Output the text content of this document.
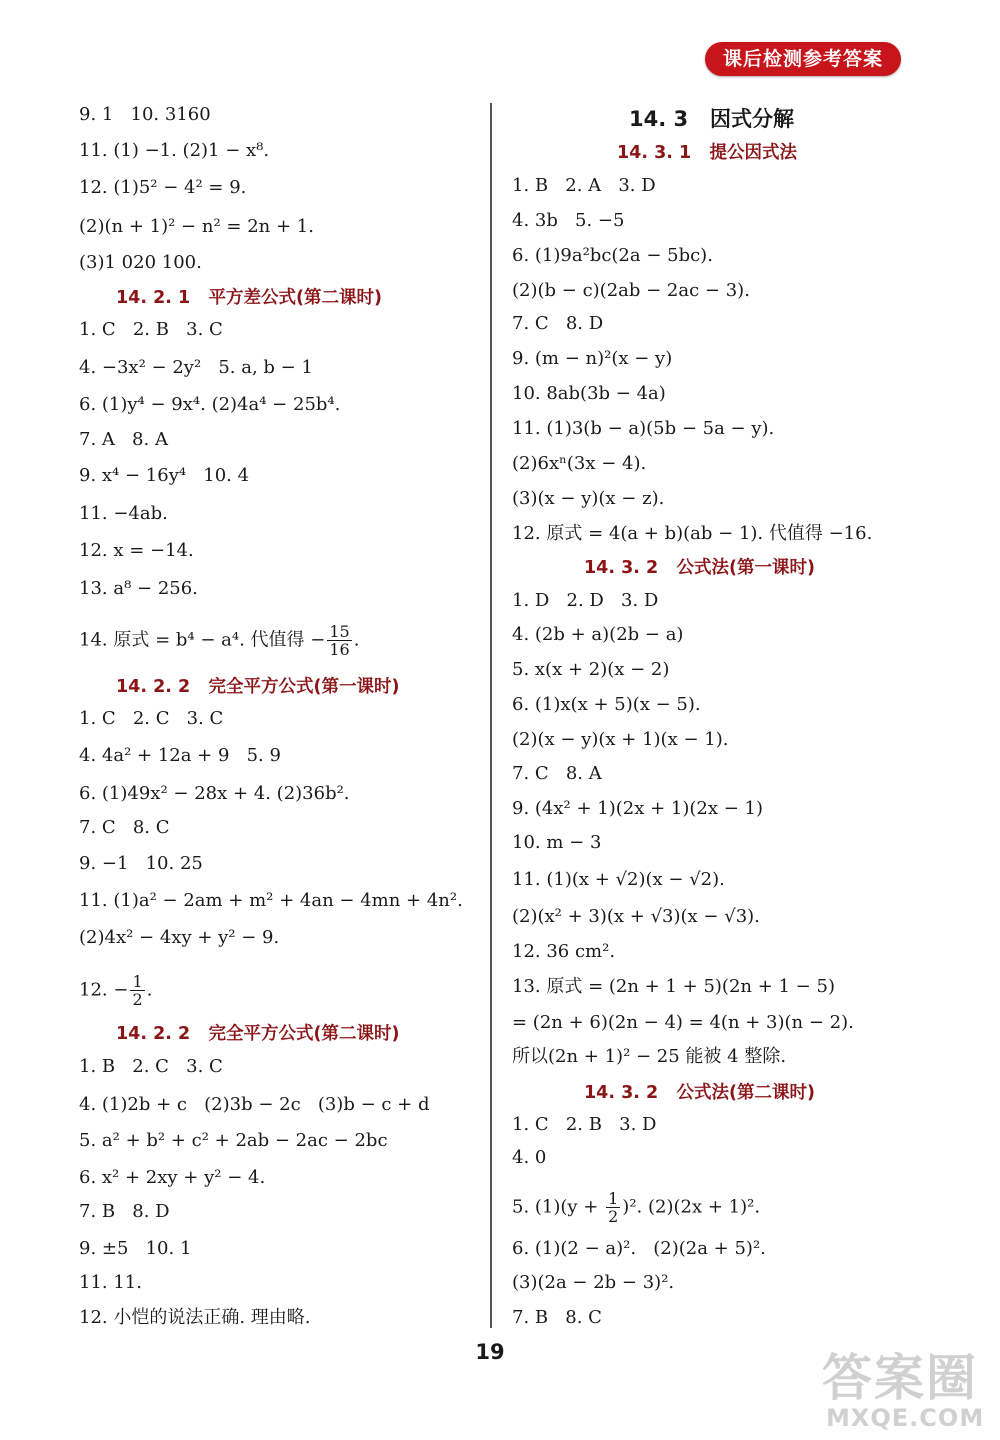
课后检测参考答案
9. 1   10. 3160
11. (1) −1. (2)1 − x⁸.
12. (1)5² − 4² = 9.
(2)(n + 1)² − n² = 2n + 1.
(3)1 020 100.
14. 2. 1   平方差公式(第二课时)
1. C   2. B   3. C
4. −3x² − 2y²   5. a, b − 1
6. (1)y⁴ − 9x⁴. (2)4a⁴ − 25b⁴.
7. A   8. A
9. x⁴ − 16y⁴   10. 4
11. −4ab.
12. x = −14.
13. a⁸ − 256.
14. 原式 = b⁴ − a⁴. 代值得 − $\frac{15}{16}$ .
14. 2. 2   完全平方公式(第一课时)
1. C   2. C   3. C
4. 4a² + 12a + 9   5. 9
6. (1)49x² − 28x + 4. (2)36b².
7. C   8. C
9. −1   10. 25
11. (1)a² − 2am + m² + 4an − 4mn + 4n².
(2)4x² − 4xy + y² − 9.
12. − $\frac{1}{2}$ .
14. 2. 2   完全平方公式(第二课时)
1. B   2. C   3. C
4. (1)2b + c   (2)3b − 2c   (3)b − c + d
5. a² + b² + c² + 2ab − 2ac − 2bc
6. x² + 2xy + y² − 4.
7. B   8. D
9. ±5   10. 1
11. 11.
12. 小恺的说法正确. 理由略.
14. 3   因式分解
14. 3. 1   提公因式法
1. B   2. A   3. D
4. 3b   5. −5
6. (1)9a²bc(2a − 5bc).
(2)(b − c)(2ab − 2ac − 3).
7. C   8. D
9. (m − n)²(x − y)
10. 8ab(3b − 4a)
11. (1)3(b − a)(5b − 5a − y).
(2)6xⁿ(3x − 4).
(3)(x − y)(x − z).
12. 原式 = 4(a + b)(ab − 1). 代值得 −16.
14. 3. 2   公式法(第一课时)
1. D   2. D   3. D
4. (2b + a)(2b − a)
5. x(x + 2)(x − 2)
6. (1)x(x + 5)(x − 5).
(2)(x − y)(x + 1)(x − 1).
7. C   8. A
9. (4x² + 1)(2x + 1)(2x − 1)
10. m − 3
11. (1)(x + √2)(x − √2).
(2)(x² + 3)(x + √3)(x − √3).
12. 36 cm².
13. 原式 = (2n + 1 + 5)(2n + 1 − 5)
= (2n + 6)(2n − 4) = 4(n + 3)(n − 2).
所以(2n + 1)² − 25 能被 4 整除.
14. 3. 2   公式法(第二课时)
1. C   2. B   3. D
4. 0
5. $(1)(y + \frac{1}{2} )^2$. (2)(2x + 1)².
6. (1)(2 − a)².   (2)(2a + 5)².
(3)(2a − 2b − 3)².
7. B   8. C
19	答案圈
MXQE.COM
